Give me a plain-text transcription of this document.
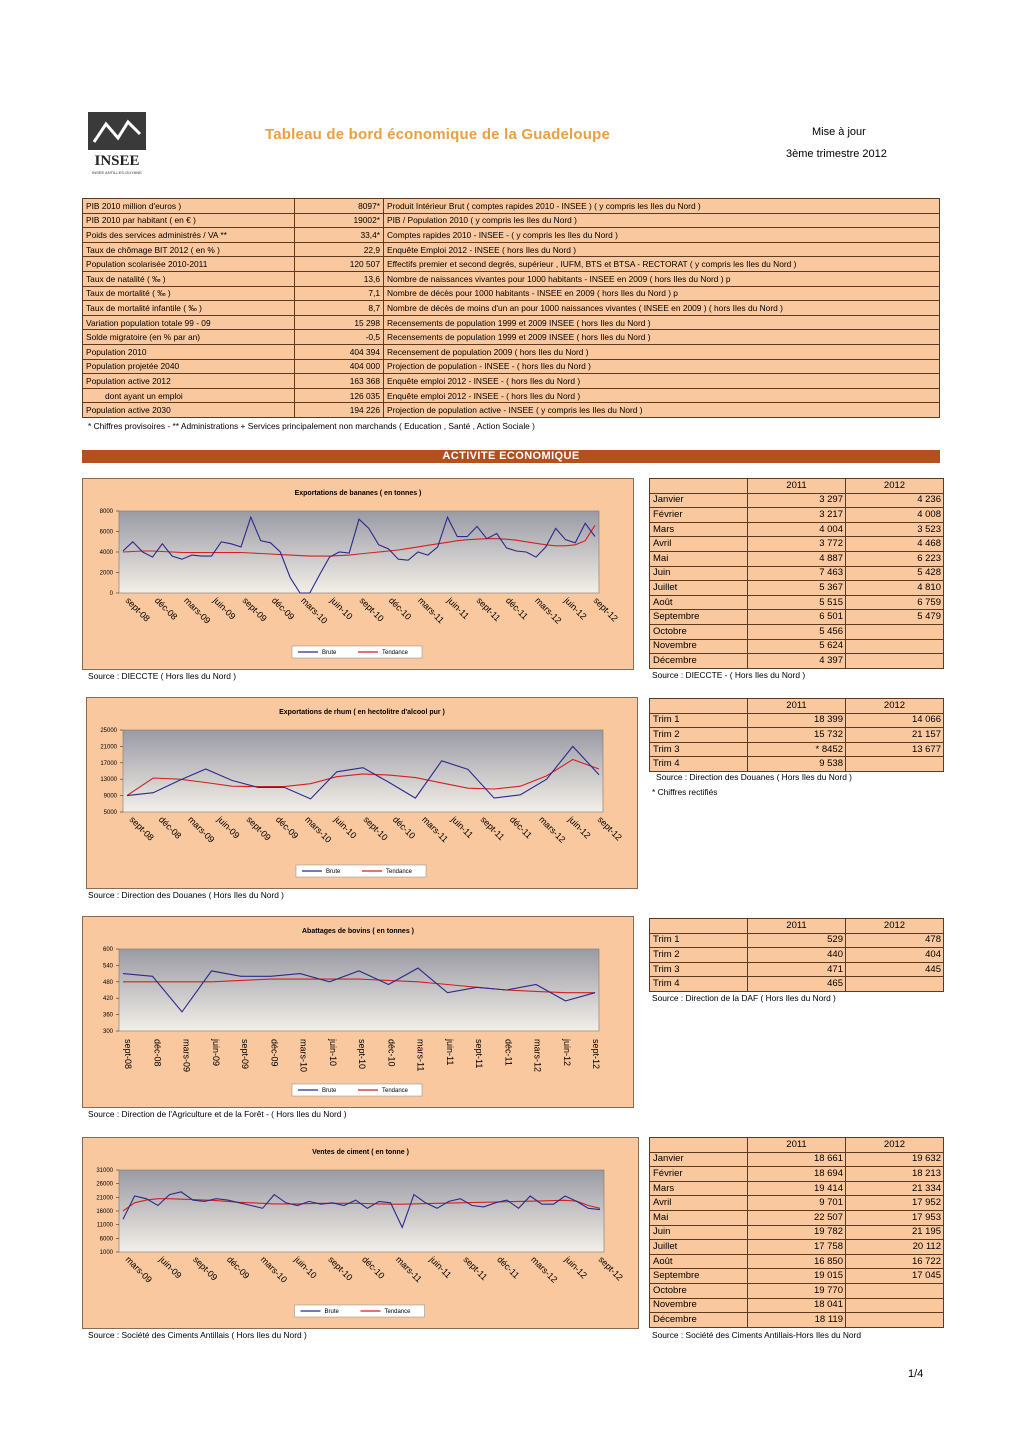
INSEE
INSEE ANTILLES-GUYANE
Tableau de bord économique de la Guadeloupe	Mise à jour
3ème trimestre 2012
PIB 2010 million d'euros )	8097*	Produit Intérieur Brut ( comptes rapides 2010 - INSEE ) ( y compris les Iles du Nord )
PIB 2010 par habitant ( en € )	19002*	PIB / Population 2010 ( y compris les Iles du Nord )
Poids des services administrés / VA **	33,4*	Comptes rapides 2010 - INSEE - ( y compris les Iles du Nord )
Taux de chômage BIT 2012 ( en % )	22,9	Enquête Emploi 2012 - INSEE ( hors Iles du Nord )
Population scolarisée 2010-2011	120 507	Effectifs premier et second degrés, supérieur , IUFM, BTS et BTSA - RECTORAT ( y compris les Iles du Nord )
Taux de natalité ( ‰ )	13,6	Nombre de naissances vivantes pour 1000 habitants - INSEE en 2009 ( hors Iles du Nord ) p
Taux de mortalité ( ‰ )	7,1	Nombre de décès pour 1000 habitants - INSEE en 2009 ( hors Iles du Nord ) p
Taux de mortalité infantile ( ‰ )	8,7	Nombre de décès de moins d'un an pour 1000 naissances vivantes ( INSEE en 2009 ) ( hors Iles du Nord )
Variation population totale 99 - 09	15 298	Recensements de population 1999 et 2009 INSEE ( hors Iles du Nord )
Solde migratoire (en % par an)	-0,5	Recensements de population 1999 et 2009 INSEE ( hors Iles du Nord )
Population 2010	404 394	Recensement de population 2009 ( hors Iles du Nord )
Population projetée 2040	404 000	Projection de population - INSEE - ( hors Iles du Nord )
Population active 2012	163 368	Enquête emploi 2012 - INSEE - ( hors Iles du Nord )
dont ayant un emploi	126 035	Enquête emploi 2012 - INSEE - ( hors Iles du Nord )
Population active 2030	194 226	Projection de population active - INSEE ( y compris les Iles du Nord )
* Chiffres provisoires - ** Administrations + Services principalement non marchands ( Education , Santé , Action Sociale )
ACTIVITE ECONOMIQUE
Exportations de bananes ( en tonnes )
8000
6000
4000
2000
0
sept-08 déc-08 mars-09
juin-09 sept-09 déc-09 mars-10
juin-10 sept-10 déc-10 mars-11 juin-11 sept-11 déc-11 mars-12
juin-12 sept-12
Brute	Tendance
Source : DIECCTE ( Hors Iles du Nord )
Exportations de rhum ( en hectolitre d'alcool pur )
25000
21000
17000
13000
9000
5000
sept-08 déc-08 mars-09
juin-09 sept-09 déc-09 mars-10
juin-10 sept-10 déc-10 mars-11 juin-11 sept-11 déc-11 mars-12
juin-12 sept-12
Brute	Tendance
Source : Direction des Douanes ( Hors Iles du Nord )
Abattages de bovins ( en tonnes )
600
540
480
420
360
300
sept-08 déc-08 mars-09 juin-09 sept-09 déc-09 mars-10 juin-10 sept-10 déc-10 mars-11 juin-11 sept-11 déc-11 mars-12 juin-12 sept-12
Brute	Tendance
Source : Direction de l'Agriculture et de la Forêt - ( Hors Iles du Nord )
Ventes de ciment ( en tonne )
31000
26000
21000
16000
11000
6000
1000
mars-09 juin-09 sept-09 déc-09 mars-10 juin-10 sept-10 déc-10 mars-11 juin-11 sept-11 déc-11 mars-12 juin-12 sept-12
Brute	Tendance
Source : Société des Ciments Antillais ( Hors Iles du Nord )
	2011	2012
Janvier	3 297	4 236
Février	3 217	4 008
Mars	4 004	3 523
Avril	3 772	4 468
Mai	4 887	6 223
Juin	7 463	5 428
Juillet	5 367	4 810
Août	5 515	6 759
Septembre	6 501	5 479
Octobre	5 456	
Novembre	5 624	
Décembre	4 397	
Source : DIECCTE - ( Hors Iles du Nord )
	2011	2012
Trim 1	18 399	14 066
Trim 2	15 732	21 157
Trim 3	* 8452	13 677
Trim 4	9 538	
Source : Direction des Douanes ( Hors Iles du Nord )
* Chiffres rectifiés
	2011	2012
Trim 1	529	478
Trim 2	440	404
Trim 3	471	445
Trim 4	465	
Source : Direction de la DAF ( Hors Iles du Nord )
	2011	2012
Janvier	18 661	19 632
Février	18 694	18 213
Mars	19 414	21 334
Avril	9 701	17 952
Mai	22 507	17 953
Juin	19 782	21 195
Juillet	17 758	20 112
Août	16 850	16 722
Septembre	19 015	17 045
Octobre	19 770	
Novembre	18 041	
Décembre	18 119	
Source : Société des Ciments Antillais-Hors Iles du Nord
1/4
